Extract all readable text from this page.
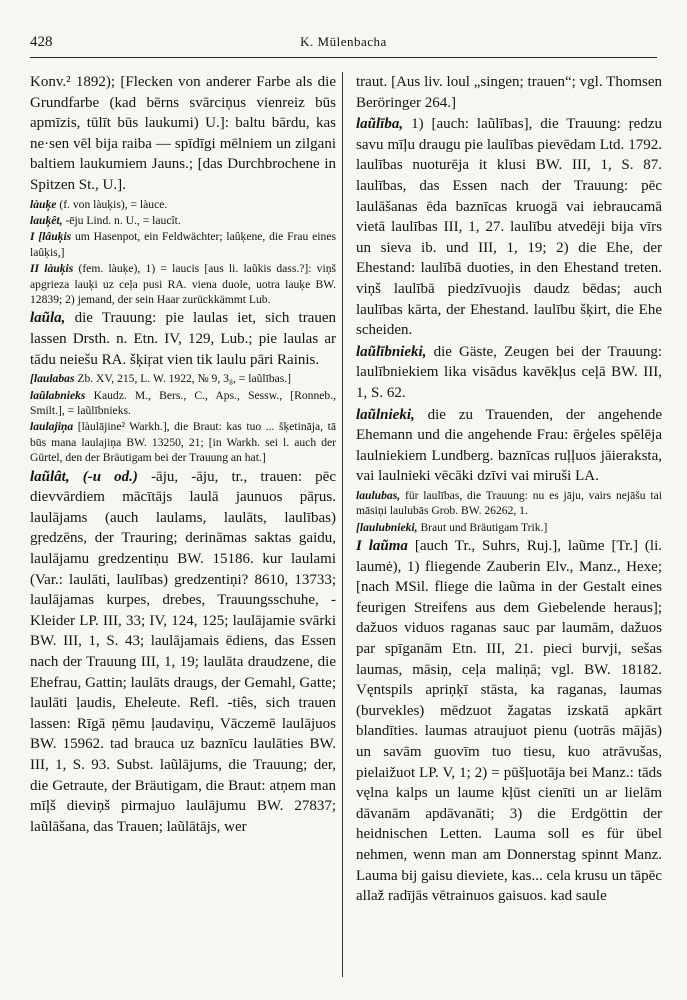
K. Mülenbacha
428

Konv.² 1892); [Flecken von anderer Farbe als die Grundfarbe (kad bērns svārciņus vienreiz būs apmīzis, tūlīt būs laukumi) U.]: baltu bārdu, kas ne·sen vēl bija raiba — spīdīgi mēlniem un zilgani baltiem laukumiem Jauns.; [das Durchbrochene in Spitzen St., U.].

làuķe (f. von làuķis), = làuce.

lauķêt, -ēju Lind. n. U., = laucît.

I [lâuķis um Hasenpot, ein Feldwächter; laûķene, die Frau eines laûķis,]

II làuķis (fem. làuķe), 1) = laucis [aus li. laũkis dass.?]: viņš apgrieza lauķi uz ceļa pusi RA. viena duole, uotra lauķe BW. 12839; 2) jemand, der sein Haar zurückkämmt Lub.

laũla, die Trauung: pie laulas iet, sich trauen lassen Drsth. n. Etn. IV, 129, Lub.; pie laulas ar tādu neiešu RA. šķiŗat vien tik laulu pāri Rainis.

[laulabas Zb. XV, 215, L. W. 1922, № 9, 3₈, = laũlības.]

laũlabnieks Kaudz. M., Bers., C., Aps., Sessw., [Ronneb., Smilt.], = laũlībnieks.

laulajiņa [làulājine² Warkh.], die Braut: kas tuo ... šķetināja, tā būs mana laulajiņa BW. 13250, 21; [in Warkh. sei l. auch der Gürtel, den der Bräutigam bei der Trauung an hat.]

laũlât, (-u od.) -āju, -āju, tr., trauen: pēc dievvārdiem mācītājs laulā jaunuos pāŗus. laulājams (auch laulams, laulāts, laulības) gŗedzēns, der Trauring; derināmas saktas gaidu, laulājamu gredzentiņu BW. 15186. kur laulami (Var.: laulāti, laulības) gredzentiņi? 8610, 13733; laulājamas kurpes, drebes, Trauungsschuhe, -Kleider LP. III, 33; IV, 124, 125; laulājamie svārki BW. III, 1, S. 43; laulājamais ēdiens, das Essen nach der Trauung III, 1, 19; laulāta draudzene, die Ehefrau, Gattin; laulāts draugs, der Gemahl, Gatte; laulāti ļaudis, Eheleute. Refl. -tiês, sich trauen lassen: Rīgā ņēmu ļaudaviņu, Vāczemē laulājuos BW. 15962. tad brauca uz baznīcu laulāties BW. III, 1, S. 93. Subst. laũlājums, die Trauung; der, die Getraute, der Bräutigam, die Braut: atņem man mīļš dieviņš pirmajuo laulājumu BW. 27837; laũlāšana, das Trauen; laũlātājs, wer

traut. [Aus liv. loul „singen; trauen“; vgl. Thomsen Beröringer 264.]

laũlība, 1) [auch: laũlības], die Trauung: ŗedzu savu mīļu draugu pie laulības pievēdam Ltd. 1792. laulības nuoturēja it klusi BW. III, 1, S. 87. laulības, das Essen nach der Trauung: pēc laulāšanas ēda baznīcas kruogā vai iebraucamā vietā laulības III, 1, 27. laulību atvedēji bija vīrs un sieva ib. und III, 1, 19; 2) die Ehe, der Ehestand: laulībā duoties, in den Ehestand treten. viņš laulībā piedzīvuojis daudz bēdas; auch laulības kārta, der Ehestand. laulību šķirt, die Ehe scheiden.

laũlībnieki, die Gäste, Zeugen bei der Trauung: laulībniekiem lika visādus kavēkļus ceļā BW. III, 1, S. 62.

laũlnieki, die zu Trauenden, der angehende Ehemann und die angehende Frau: ērģeles spēlēja laulniekiem Lundberg. baznīcas ruļļuos jāieraksta, vai laulnieki vēcāki dzīvi vai miruši LA.

laulubas, für laulības, die Trauung: nu es jāju, vairs nejāšu tai māsiņi laulubās Grob. BW. 26262, 1.

[laulubnieki, Braut und Bräutigam Trik.]

I laũma [auch Tr., Suhrs, Ruj.], laũme [Tr.] (li. laumė), 1) fliegende Zauberin Elv., Manz., Hexe; [nach MSil. fliege die laũma in der Gestalt eines feurigen Streifens aus dem Giebelende heraus]; dažuos viduos raganas sauc par laumām, dažuos par spīganām Etn. III, 21. pieci burvji, sešas laumas, māsiņ, ceļa maliņā; vgl. BW. 18182. Vęntspils apriņķī stāsta, ka raganas, laumas (burvekles) mēdzuot žagatas izskatā apkārt blandīties. laumas atraujuot pienu (uotrās mājās) un savām guovīm tuo tiesu, kuo atrāvušas, pielaižuot LP. V, 1; 2) = pūšļuotāja bei Manz.: tāds vęlna kalps un laume kļūst cienīti un ar lielām dāvanām apdāvanāti; 3) die Erdgöttin der heidnischen Letten. Lauma soll es für übel nehmen, wenn man am Donnerstag spinnt Manz. Lauma bij gaisu dieviete, kas... cela krusu un tāpēc allaž radījās vētrainuos gaisuos. kad saule
